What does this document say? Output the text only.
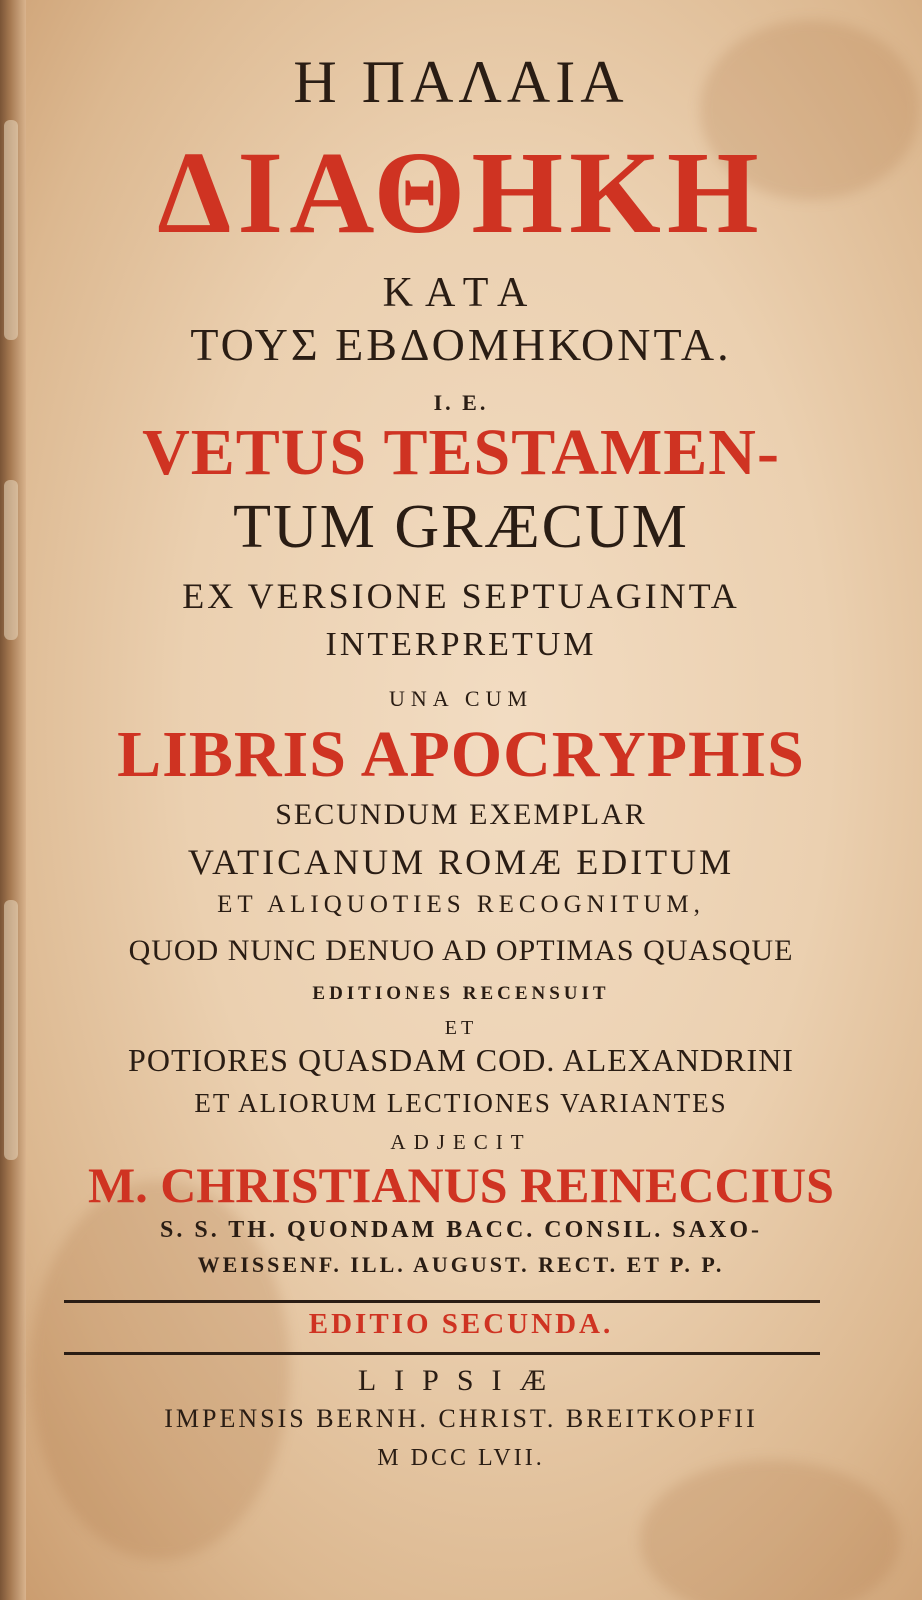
Η ΠΑΛΑΙΑ
ΔΙΑΘΗΚΗ
ΚΑΤΑ
ΤΟΥΣ ΕΒΔΟΜΗΚΟΝΤΑ.
I. E.
VETUS TESTAMEN-
TUM GRÆCUM
EX VERSIONE SEPTUAGINTA
INTERPRETUM
UNA CUM
LIBRIS APOCRYPHIS
SECUNDUM EXEMPLAR
VATICANUM ROMÆ EDITUM
ET ALIQUOTIES RECOGNITUM,
QUOD NUNC DENUO AD OPTIMAS QUASQUE
EDITIONES RECENSUIT
ET
POTIORES QUASDAM COD. ALEXANDRINI
ET ALIORUM LECTIONES VARIANTES
ADJECIT
M. CHRISTIANUS REINECCIUS
S. S. TH. QUONDAM BACC. CONSIL. SAXO-
WEISSENF. ILL. AUGUST. RECT. ET P. P.
EDITIO SECUNDA.
LIPSIÆ
IMPENSIS BERNH. CHRIST. BREITKOPFII
M DCC LVII.
